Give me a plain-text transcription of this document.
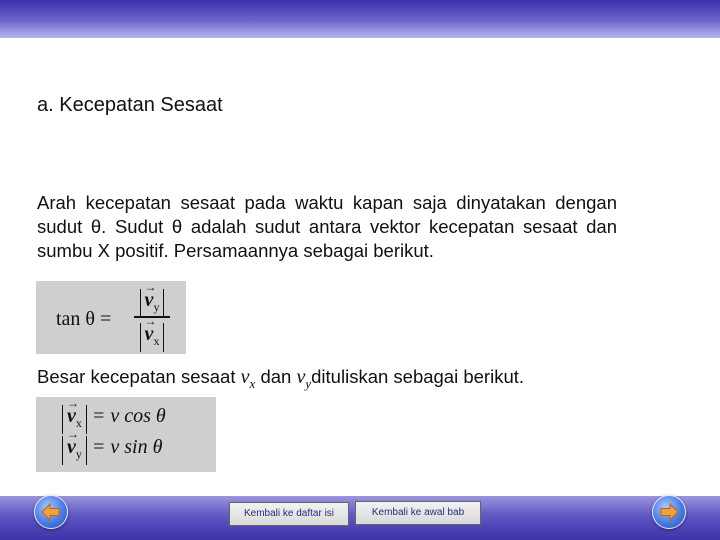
a. Kecepatan Sesaat
Arah kecepatan sesaat pada waktu kapan saja dinyatakan dengan sudut θ. Sudut θ adalah sudut antara vektor kecepatan sesaat dan sumbu X positif. Persamaannya sebagai berikut.
tan θ =
→ $v_y$
→ $v_x$
Besar kecepatan sesaat $v_x$ dan $v_ydituliskan$ sebagai berikut.
→ $v_x = v$ cos θ
→ $v_y = v$ sin θ
Kembali ke daftar isi	Kembali ke awal bab
